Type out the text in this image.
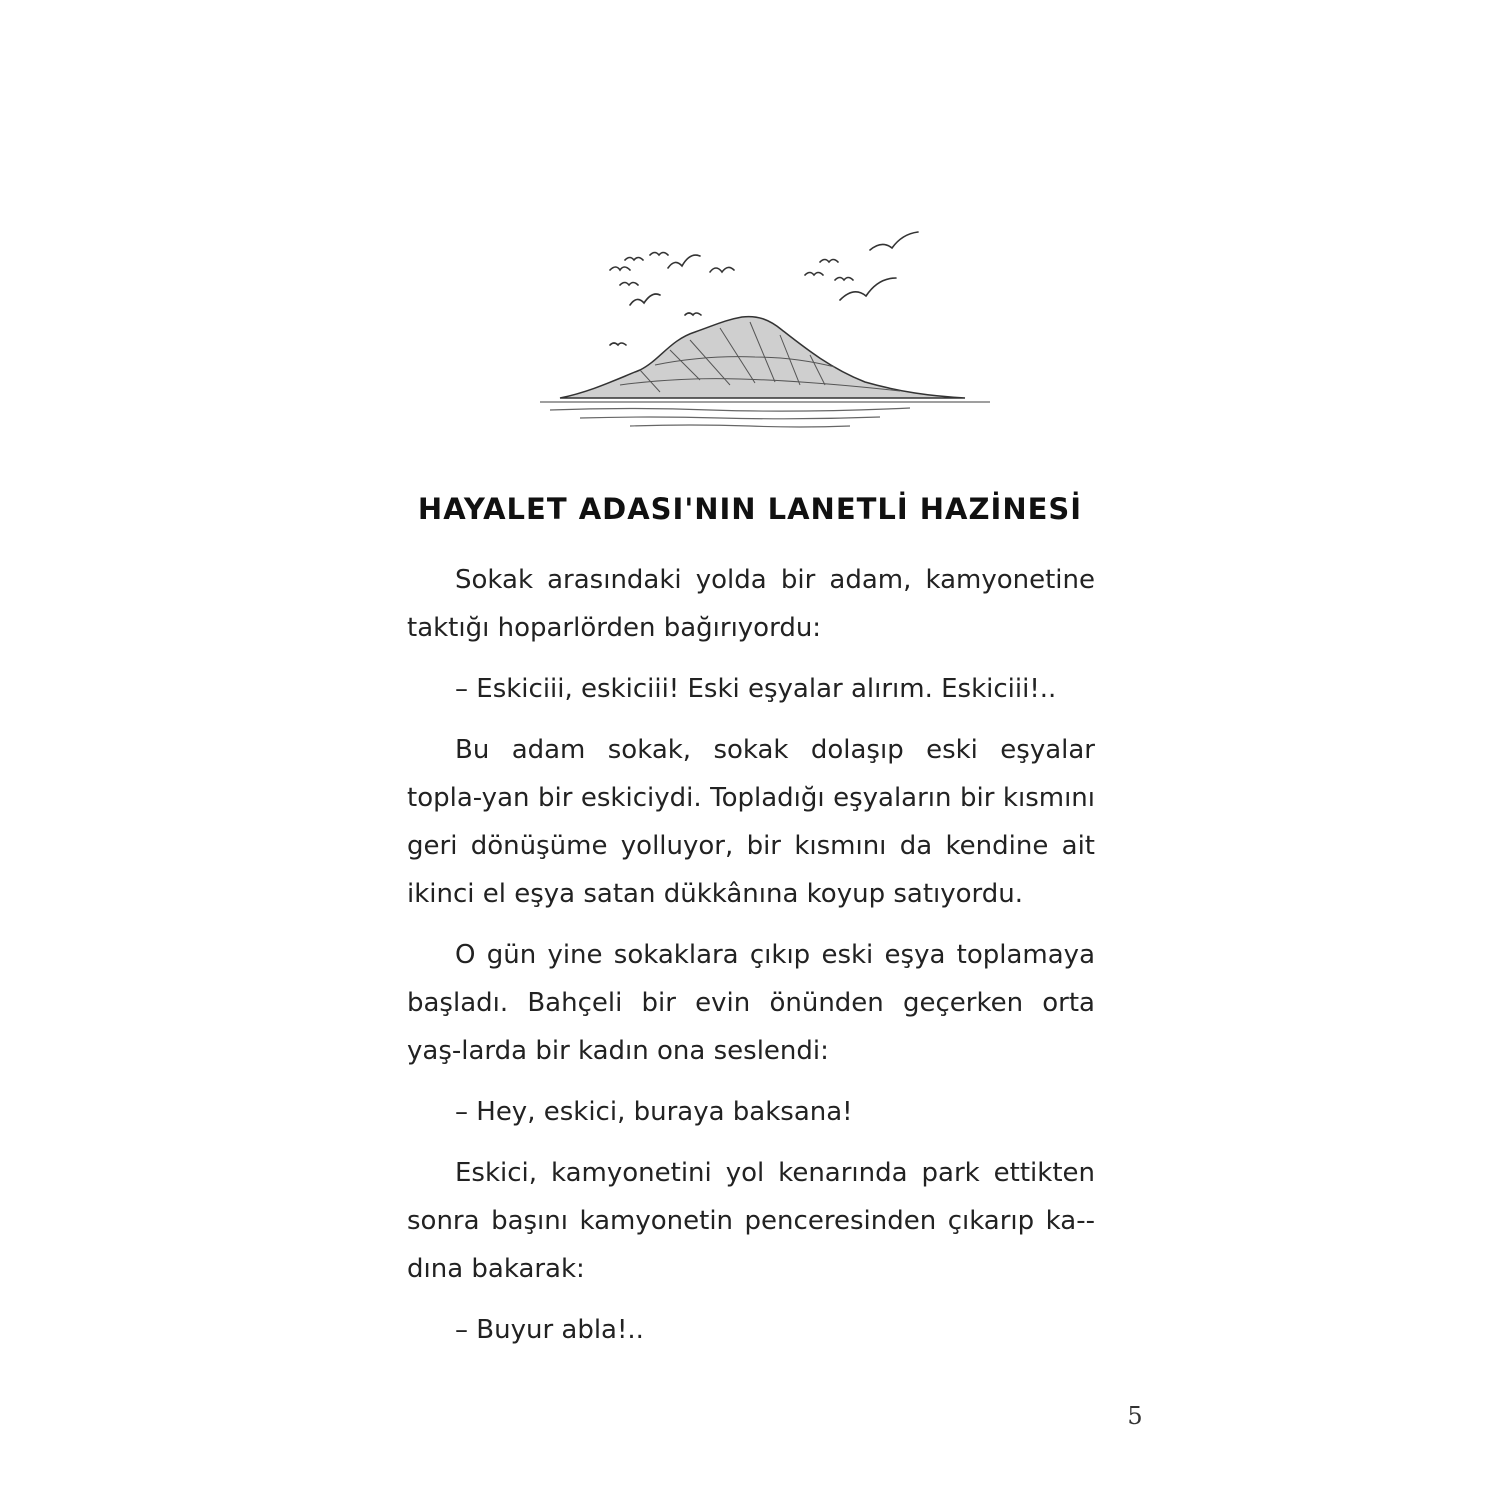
HAYALET ADASI'NIN LANETLİ HAZİNESİ

Sokak arasındaki yolda bir adam, kamyonetine taktığı hoparlörden bağırıyordu:

– Eskiciii, eskiciii! Eski eşyalar alırım. Eskiciii!..

Bu adam sokak, sokak dolaşıp eski eşyalar topla-yan bir eskiciydi. Topladığı eşyaların bir kısmını geri dönüşüme yolluyor, bir kısmını da kendine ait ikinci el eşya satan dükkânına koyup satıyordu.

O gün yine sokaklara çıkıp eski eşya toplamaya başladı. Bahçeli bir evin önünden geçerken orta yaş-larda bir kadın ona seslendi:

– Hey, eskici, buraya baksana!

Eskici, kamyonetini yol kenarında park ettikten sonra başını kamyonetin penceresinden çıkarıp ka-dına bakarak:

– Buyur abla!..

5
